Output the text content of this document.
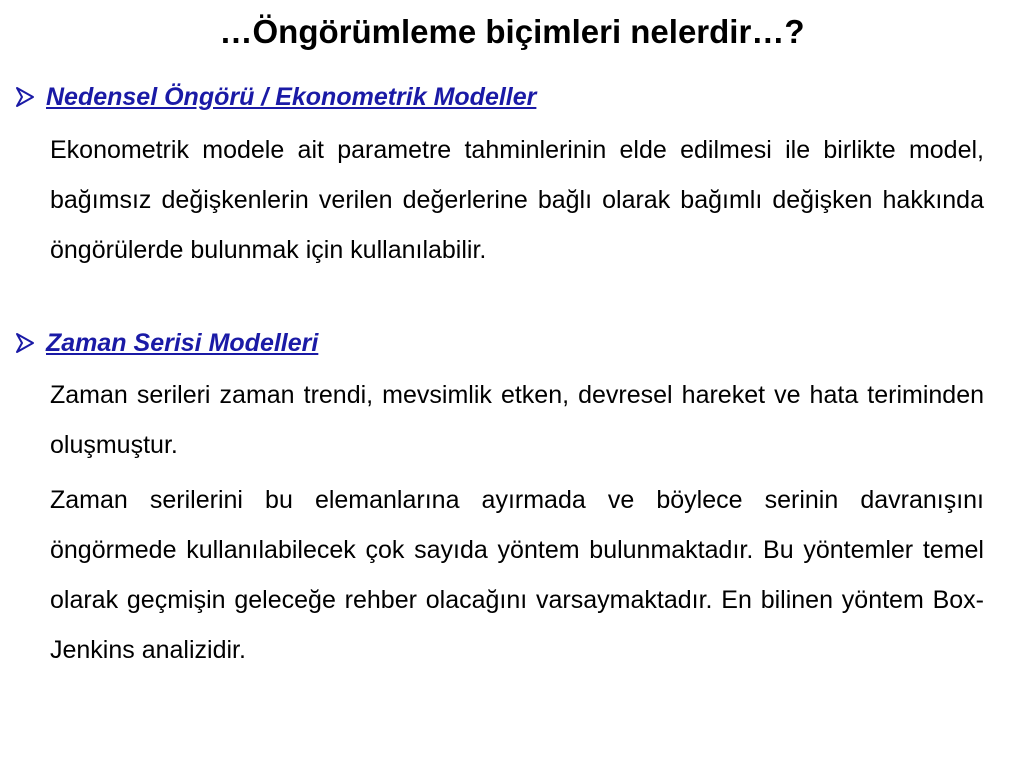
…Öngörümleme biçimleri nelerdir…?
Nedensel Öngörü / Ekonometrik Modeller

Ekonometrik modele ait parametre tahminlerinin elde edilmesi ile birlikte model, bağımsız değişkenlerin verilen değerlerine bağlı olarak bağımlı değişken hakkında öngörülerde bulunmak için kullanılabilir.

Zaman Serisi Modelleri

Zaman serileri zaman trendi, mevsimlik etken, devresel hareket ve hata teriminden oluşmuştur.

Zaman serilerini bu elemanlarına ayırmada ve böylece serinin davranışını öngörmede kullanılabilecek çok sayıda yöntem bulunmaktadır. Bu yöntemler temel olarak geçmişin geleceğe rehber olacağını varsaymaktadır. En bilinen yöntem Box-Jenkins analizidir.
